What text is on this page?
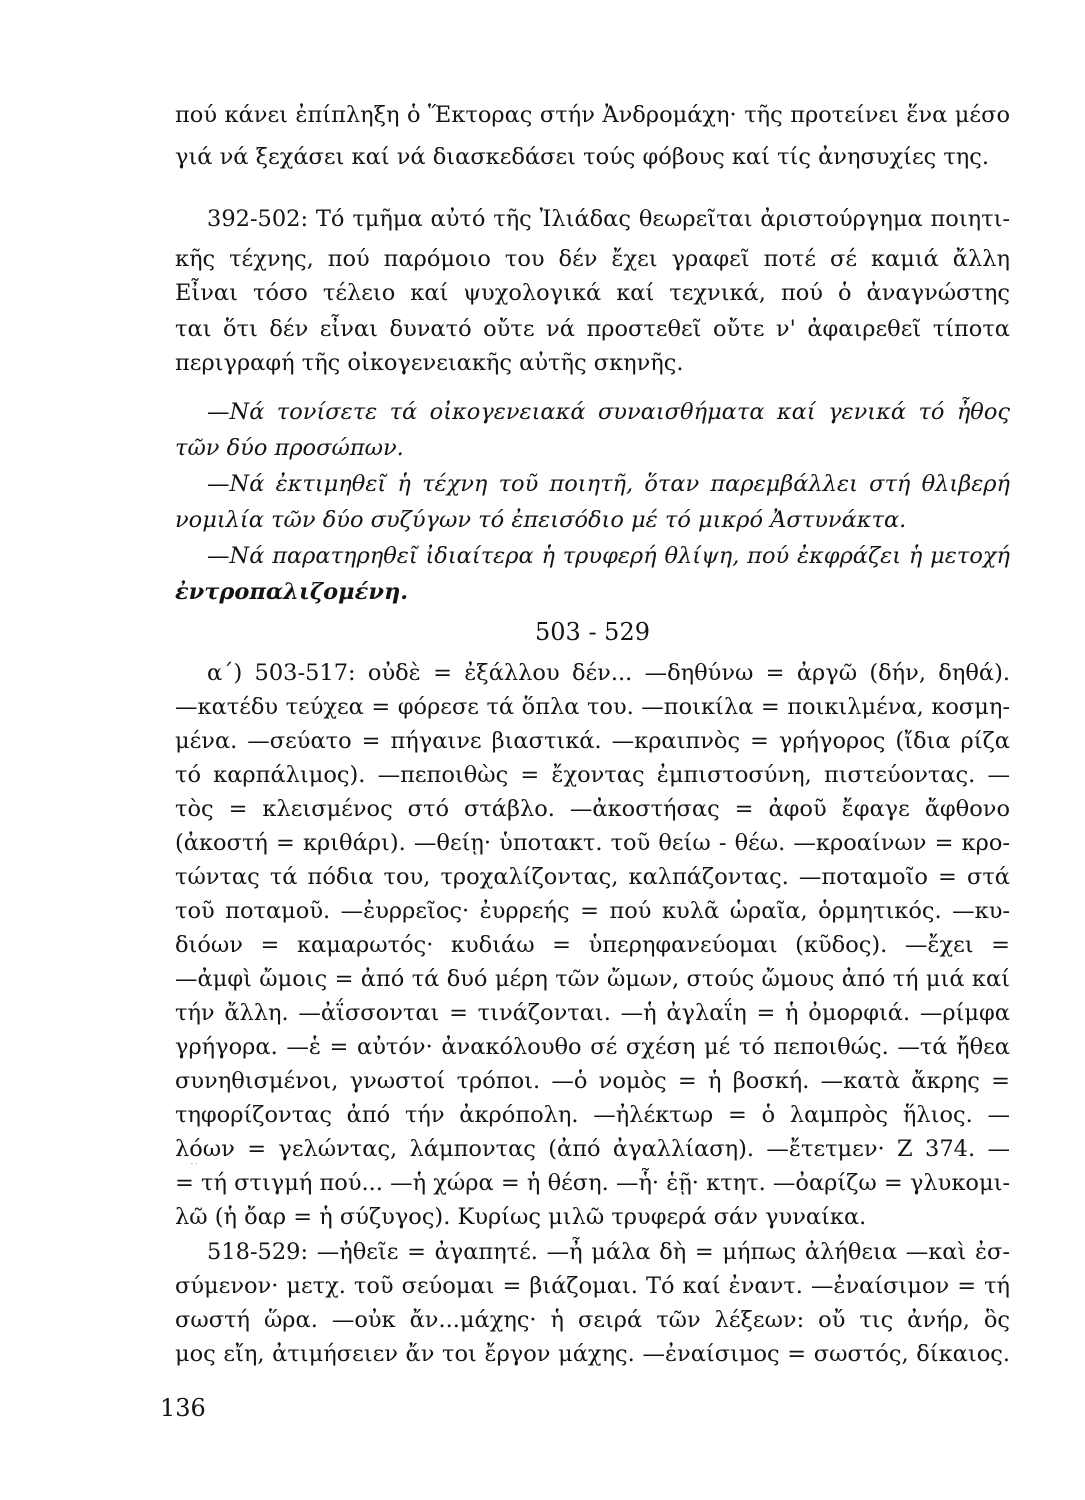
πού κάνει ἐπίπληξη ὁ Ἕκτορας στήν Ἀνδρομάχη· τῆς προτείνει ἕνα μέσο
γιά νά ξεχάσει καί νά διασκεδάσει τούς φόβους καί τίς ἀνησυχίες της.
392-502: Τό τμῆμα αὐτό τῆς Ἰλιάδας θεωρεῖται ἀριστούργημα ποιητι-
κῆς τέχνης, πού παρόμοιο του δέν ἔχει γραφεῖ ποτέ σέ καμιά ἄλλη
Εἶναι τόσο τέλειο καί ψυχολογικά καί τεχνικά, πού ὁ ἀναγνώστης
ται ὅτι δέν εἶναι δυνατό οὔτε νά προστεθεῖ οὔτε ν' ἀφαιρεθεῖ τίποτα
περιγραφή τῆς οἰκογενειακῆς αὐτῆς σκηνῆς.
—Νά τονίσετε τά οἰκογενειακά συναισθήματα καί γενικά τό ἦθος
τῶν δύο προσώπων.
—Νά ἐκτιμηθεῖ ἡ τέχνη τοῦ ποιητῆ, ὅταν παρεμβάλλει στή θλιβερή
νομιλία τῶν δύο συζύγων τό ἐπεισόδιο μέ τό μικρό Ἀστυνάκτα.
—Νά παρατηρηθεῖ ἰδιαίτερα ἡ τρυφερή θλίψη, πού ἐκφράζει ἡ μετοχή
ἐντροπαλιζομένη.
503 - 529
α΄) 503-517: οὐδὲ = ἐξάλλου δέν... —δηθύνω = ἀργῶ (δήν, δηθά).
—κατέδυ τεύχεα = φόρεσε τά ὅπλα του. —ποικίλα = ποικιλμένα, κοσμη-
μένα. —σεύατο = πήγαινε βιαστικά. —κραιπνὸς = γρήγορος (ἴδια ρίζα
τό καρπάλιμος). —πεποιθὼς = ἔχοντας ἐμπιστοσύνη, πιστεύοντας. —
τὸς = κλεισμένος στό στάβλο. —ἀκοστήσας = ἀφοῦ ἔφαγε ἄφθονο
(ἀκοστή = κριθάρι). —θείῃ· ὑποτακτ. τοῦ θείω - θέω. —κροαίνων = κρο-
τώντας τά πόδια του, τροχαλίζοντας, καλπάζοντας. —ποταμοῖο = στά
τοῦ ποταμοῦ. —ἐυρρεῖος· ἐυρρεής = πού κυλᾶ ὡραῖα, ὁρμητικός. —κυ-
διόων = καμαρωτός· κυδιάω = ὑπερηφανεύομαι (κῦδος). —ἔχει =
—ἀμφὶ ὤμοις = ἀπό τά δυό μέρη τῶν ὤμων, στούς ὤμους ἀπό τή μιά καί
τήν ἄλλη. —ἀΐσσονται = τινάζονται. —ἡ ἀγλαΐη = ἡ ὀμορφιά. —ρίμφα
γρήγορα. —ἑ = αὐτόν· ἀνακόλουθο σέ σχέση μέ τό πεποιθώς. —τά ἤθεα
συνηθισμένοι, γνωστοί τρόποι. —ὁ νομὸς = ἡ βοσκή. —κατὰ ἄκρης =
τηφορίζοντας ἀπό τήν ἀκρόπολη. —ἠλέκτωρ = ὁ λαμπρὸς ἥλιος. —
λόων = γελώντας, λάμποντας (ἀπό ἀγαλλίαση). —ἔτετμεν· Ζ 374. —
= τή στιγμή πού... —ἡ χώρα = ἡ θέση. —ἧ· ἑῇ· κτητ. —ὀαρίζω = γλυκομι-
λῶ (ἡ ὄαρ = ἡ σύζυγος). Κυρίως μιλῶ τρυφερά σάν γυναίκα.
518-529: —ἠθεῖε = ἀγαπητέ. —ἦ μάλα δὴ = μήπως ἀλήθεια —καὶ ἐσ-
σύμενον· μετχ. τοῦ σεύομαι = βιάζομαι. Τό καί ἐναντ. —ἐναίσιμον = τή
σωστή ὥρα. —οὐκ ἄν...μάχης· ἡ σειρά τῶν λέξεων: οὔ τις ἀνήρ, ὃς
μος εἴη, ἀτιμήσειεν ἄν τοι ἔργον μάχης. —ἐναίσιμος = σωστός, δίκαιος.
136
